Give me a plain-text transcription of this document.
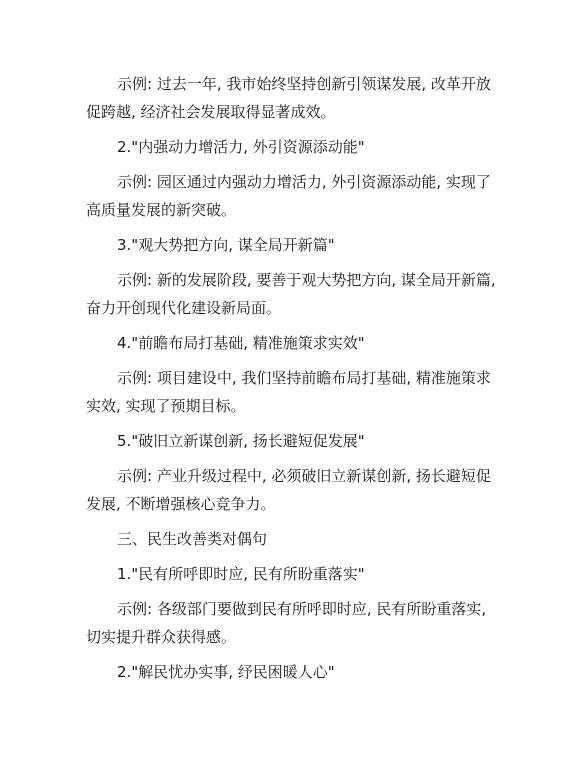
示例: 过去一年, 我市始终坚持创新引领谋发展, 改革开放
促跨越, 经济社会发展取得显著成效。
2."内强动力增活力, 外引资源添动能"
示例: 园区通过内强动力增活力, 外引资源添动能, 实现了
高质量发展的新突破。
3."观大势把方向, 谋全局开新篇"
示例: 新的发展阶段, 要善于观大势把方向, 谋全局开新篇,
奋力开创现代化建设新局面。
4."前瞻布局打基础, 精准施策求实效"
示例: 项目建设中, 我们坚持前瞻布局打基础, 精准施策求
实效, 实现了预期目标。
5."破旧立新谋创新, 扬长避短促发展"
示例: 产业升级过程中, 必须破旧立新谋创新, 扬长避短促
发展, 不断增强核心竞争力。
三、民生改善类对偶句
1."民有所呼即时应, 民有所盼重落实"
示例: 各级部门要做到民有所呼即时应, 民有所盼重落实,
切实提升群众获得感。
2."解民忧办实事, 纾民困暖人心"
